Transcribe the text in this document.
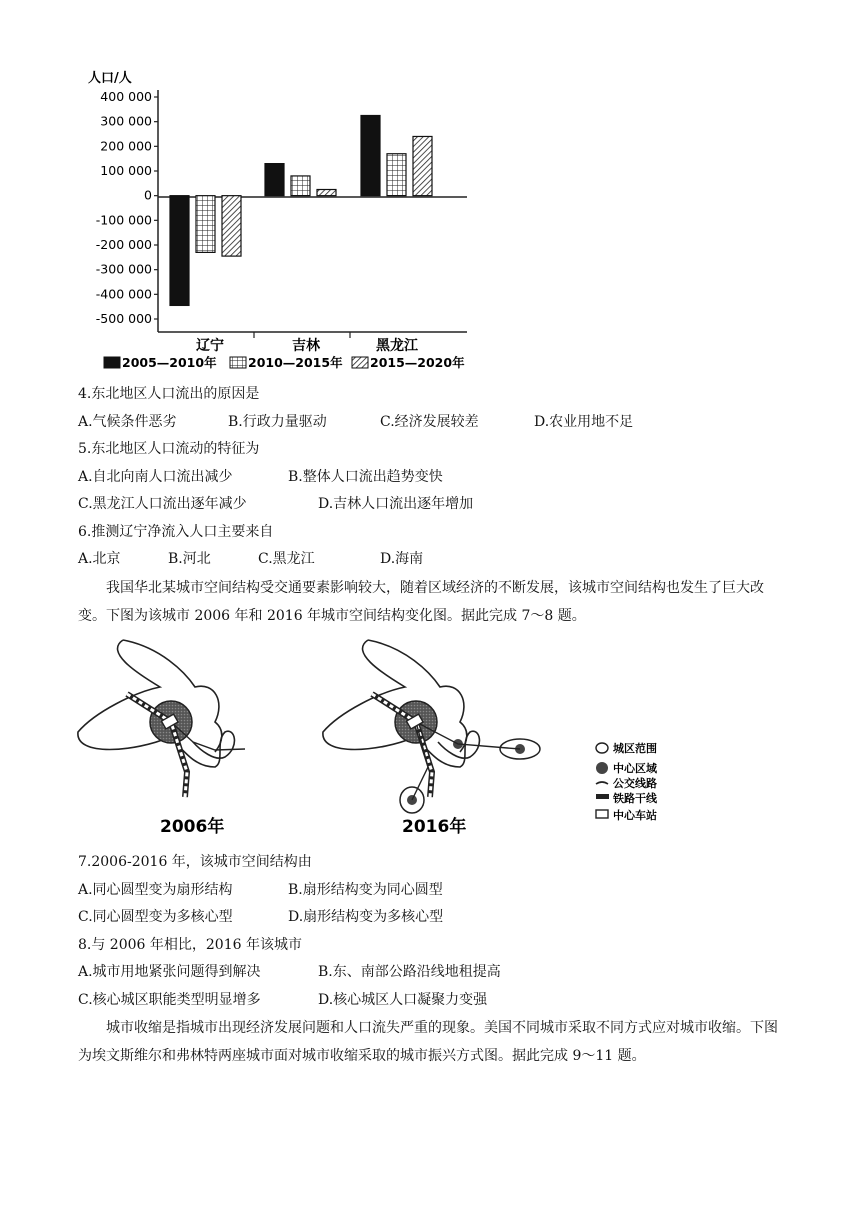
人口/人
400 000
300 000
200 000
100 000
0
-100 000
-200 000
-300 000
-400 000
-500 000
辽宁	吉林	黑龙江
2005—2010年	2010—2015年 2015—2020年
4.东北地区人口流出的原因是
A.气候条件恶劣	B.行政力量驱动	C.经济发展较差	D.农业用地不足
5.东北地区人口流动的特征为
A.自北向南人口流出减少	B.整体人口流出趋势变快
C.黑龙江人口流出逐年减少	D.吉林人口流出逐年增加
6.推测辽宁净流入人口主要来自
A.北京	B.河北	C.黑龙江	D.海南
我国华北某城市空间结构受交通要素影响较大，随着区域经济的不断发展，该城市空间结构也发生了巨大改变。下图为该城市 2006 年和 2016 年城市空间结构变化图。据此完成 7～8 题。
2006年	2016年
城区范围
中心区域
公交线路
铁路干线
中心车站
7.2006-2016 年，该城市空间结构由
A.同心圆型变为扇形结构	B.扇形结构变为同心圆型
C.同心圆型变为多核心型	D.扇形结构变为多核心型
8.与 2006 年相比，2016 年该城市
A.城市用地紧张问题得到解决	B.东、南部公路沿线地租提高
C.核心城区职能类型明显增多	D.核心城区人口凝聚力变强
城市收缩是指城市出现经济发展问题和人口流失严重的现象。美国不同城市采取不同方式应对城市收缩。下图为埃文斯维尔和弗林特两座城市面对城市收缩采取的城市振兴方式图。据此完成 9～11 题。
